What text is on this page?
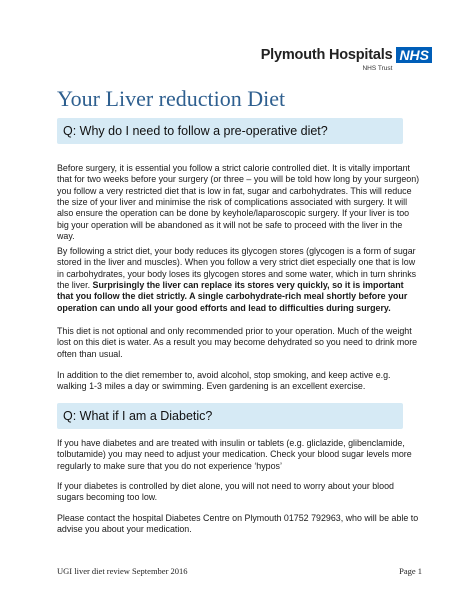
Plymouth Hospitals
NHS Trust
NHS
Your Liver reduction Diet
Q: Why do I need to follow a pre-operative diet?

Before surgery, it is essential you follow a strict calorie controlled diet. It is vitally important that for two weeks before your surgery (or three – you will be told how long by your surgeon) you follow a very restricted diet that is low in fat, sugar and carbohydrates. This will reduce the size of your liver and minimise the risk of complications associated with surgery. It will also ensure the operation can be done by keyhole/laparoscopic surgery. If your liver is too big your operation will be abandoned as it will not be safe to proceed with the liver in the way.

By following a strict diet, your body reduces its glycogen stores (glycogen is a form of sugar stored in the liver and muscles). When you follow a very strict diet especially one that is low in carbohydrates, your body loses its glycogen stores and some water, which in turn shrinks the liver. Surprisingly the liver can replace its stores very quickly, so it is important that you follow the diet strictly. A single carbohydrate-rich meal shortly before your operation can undo all your good efforts and lead to difficulties during surgery.

This diet is not optional and only recommended prior to your operation. Much of the weight lost on this diet is water. As a result you may become dehydrated so you need to drink more often than usual.

In addition to the diet remember to, avoid alcohol, stop smoking, and keep active e.g. walking 1-3 miles a day or swimming. Even gardening is an excellent exercise.

Q: What if I am a Diabetic?

If you have diabetes and are treated with insulin or tablets (e.g. gliclazide, glibenclamide, tolbutamide) you may need to adjust your medication. Check your blood sugar levels more regularly to make sure that you do not experience ‘hypos’

If your diabetes is controlled by diet alone, you will not need to worry about your blood sugars becoming too low.

Please contact the hospital Diabetes Centre on Plymouth 01752 792963, who will be able to advise you about your medication.

UGI liver diet review September 2016	Page 1
